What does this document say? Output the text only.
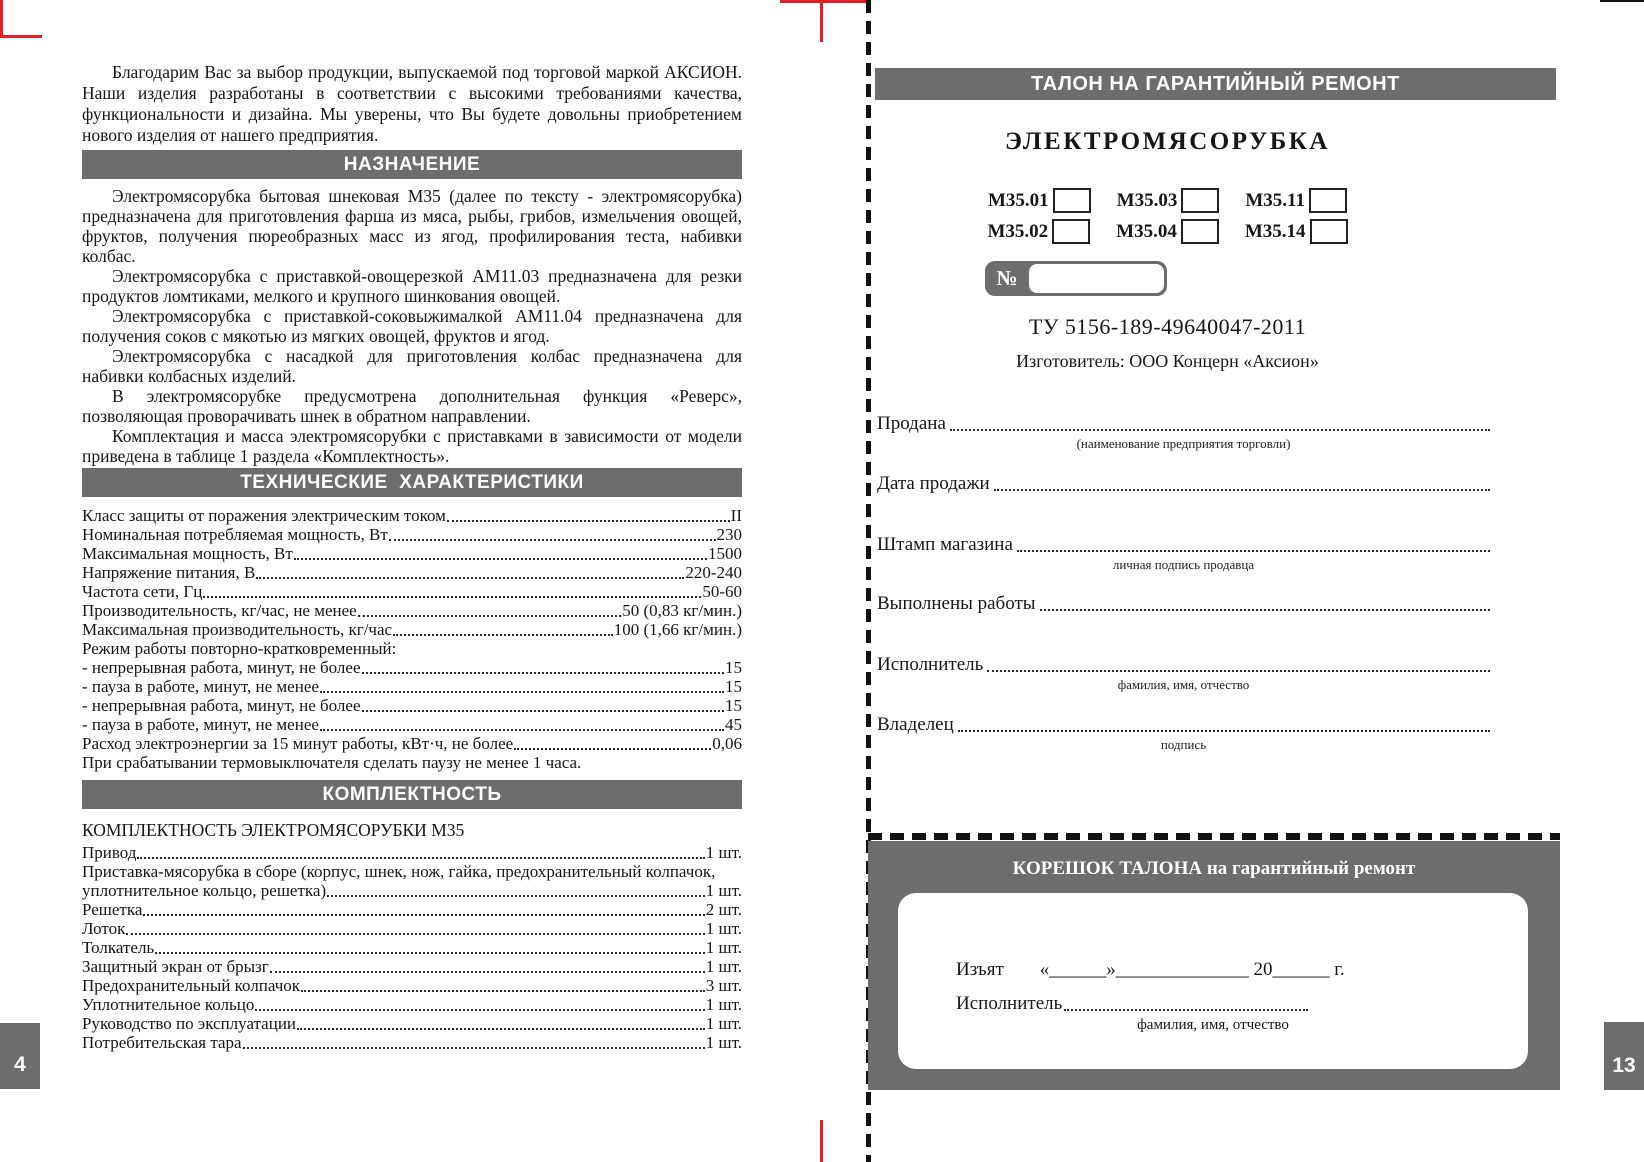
Благодарим Вас за выбор продукции, выпускаемой под торговой маркой АКСИОН. Наши изделия разработаны в соответствии с высокими требованиями качества, функциональности и дизайна. Мы уверены, что Вы будете довольны приобретением нового изделия от нашего предприятия.

НАЗНАЧЕНИЕ

Электромясорубка бытовая шнековая М35 (далее по тексту - электромясорубка) предназначена для приготовления фарша из мяса, рыбы, грибов, измельчения овощей, фруктов, получения пюреобразных масс из ягод, профилирования теста, набивки колбас.

Электромясорубка с приставкой-овощерезкой АМ11.03 предназначена для резки продуктов ломтиками, мелкого и крупного шинкования овощей.

Электромясорубка с приставкой-соковыжималкой АМ11.04 предназначена для получения соков с мякотью из мягких овощей, фруктов и ягод.

Электромясорубка с насадкой для приготовления колбас предназначена для набивки колбасных изделий.

В электромясорубке предусмотрена дополнительная функция «Реверс», позволяющая проворачивать шнек в обратном направлении.

Комплектация и масса электромясорубки с приставками в зависимости от модели приведена в таблице 1 раздела «Комплектность».

ТЕХНИЧЕСКИЕ  ХАРАКТЕРИСТИКИ
Класс защиты от поражения электрическим током	II
Номинальная потребляемая мощность, Вт	230
Максимальная мощность, Вт	1500
Напряжение питания, В	220-240
Частота сети, Гц	50-60
Производительность, кг/час, не менее	50 (0,83 кг/мин.)
Максимальная производительность, кг/час	100 (1,66 кг/мин.)
Режим работы повторно-кратковременный:
- непрерывная работа, минут, не более	15
- пауза в работе, минут, не менее	15
- непрерывная работа, минут, не более	15
- пауза в работе, минут, не менее	45
Расход электроэнергии за 15 минут работы, кВт·ч, не более	0,06
При срабатывании термовыключателя сделать паузу не менее 1 часа.
КОМПЛЕКТНОСТЬ
КОМПЛЕКТНОСТЬ ЭЛЕКТРОМЯСОРУБКИ М35
Привод	1 шт.
Приставка-мясорубка в сборе (корпус, шнек, нож, гайка, предохранительный колпачок,
уплотнительное кольцо, решетка)	1 шт.
Решетка	2 шт.
Лоток	1 шт.
Толкатель	1 шт.
Защитный экран от брызг	1 шт.
Предохранительный колпачок	3 шт.
Уплотнительное кольцо	1 шт.
Руководство по эксплуатации	1 шт.
Потребительская тара	1 шт.
4	13
ТАЛОН НА ГАРАНТИЙНЫЙ РЕМОНТ
ЭЛЕКТРОМЯСОРУБКА
М35.01	М35.03	М35.11
М35.02	М35.04	М35.14
№
ТУ 5156-189-49640047-2011
Изготовитель: ООО Концерн «Аксион»
Продана
(наименование предприятия торговли)
Дата продажи
Штамп магазина
личная подпись продавца
Выполнены работы
Исполнитель
фамилия, имя, отчество
Владелец
подпись
КОРЕШОК ТАЛОНА на гарантийный ремонт
Изъят «______»______________ 20______ г.
Исполнитель
фамилия, имя, отчество
